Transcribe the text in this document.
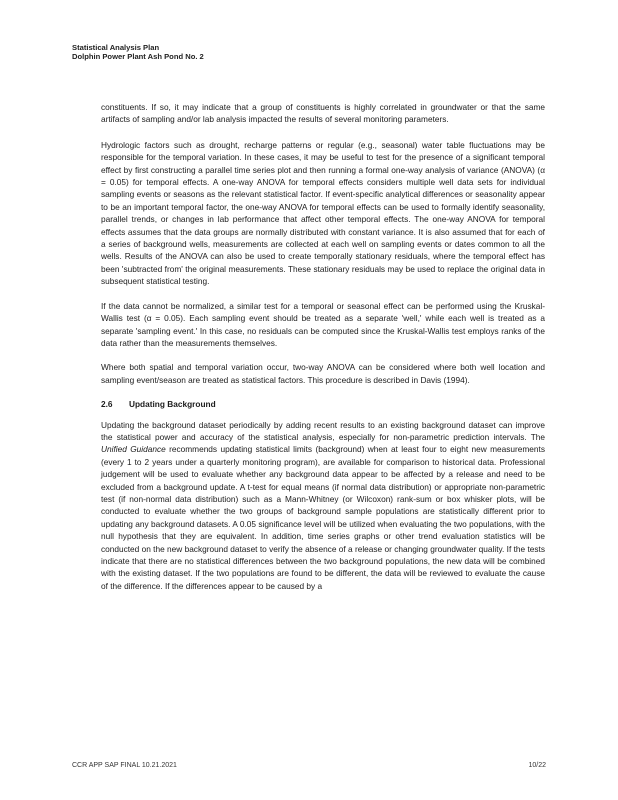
Statistical Analysis Plan
Dolphin Power Plant Ash Pond No. 2

constituents. If so, it may indicate that a group of constituents is highly correlated in groundwater or that the same artifacts of sampling and/or lab analysis impacted the results of several monitoring parameters.

Hydrologic factors such as drought, recharge patterns or regular (e.g., seasonal) water table fluctuations may be responsible for the temporal variation. In these cases, it may be useful to test for the presence of a significant temporal effect by first constructing a parallel time series plot and then running a formal one-way analysis of variance (ANOVA) (α = 0.05) for temporal effects. A one-way ANOVA for temporal effects considers multiple well data sets for individual sampling events or seasons as the relevant statistical factor. If event-specific analytical differences or seasonality appear to be an important temporal factor, the one-way ANOVA for temporal effects can be used to formally identify seasonality, parallel trends, or changes in lab performance that affect other temporal effects. The one-way ANOVA for temporal effects assumes that the data groups are normally distributed with constant variance. It is also assumed that for each of a series of background wells, measurements are collected at each well on sampling events or dates common to all the wells. Results of the ANOVA can also be used to create temporally stationary residuals, where the temporal effect has been 'subtracted from' the original measurements. These stationary residuals may be used to replace the original data in subsequent statistical testing.

If the data cannot be normalized, a similar test for a temporal or seasonal effect can be performed using the Kruskal-Wallis test (α = 0.05). Each sampling event should be treated as a separate 'well,' while each well is treated as a separate 'sampling event.' In this case, no residuals can be computed since the Kruskal-Wallis test employs ranks of the data rather than the measurements themselves.

Where both spatial and temporal variation occur, two-way ANOVA can be considered where both well location and sampling event/season are treated as statistical factors. This procedure is described in Davis (1994).

2.6	Updating Background

Updating the background dataset periodically by adding recent results to an existing background dataset can improve the statistical power and accuracy of the statistical analysis, especially for non-parametric prediction intervals. The Unified Guidance recommends updating statistical limits (background) when at least four to eight new measurements (every 1 to 2 years under a quarterly monitoring program), are available for comparison to historical data. Professional judgement will be used to evaluate whether any background data appear to be affected by a release and need to be excluded from a background update. A t-test for equal means (if normal data distribution) or appropriate non-parametric test (if non-normal data distribution) such as a Mann-Whitney (or Wilcoxon) rank-sum or box whisker plots, will be conducted to evaluate whether the two groups of background sample populations are statistically different prior to updating any background datasets. A 0.05 significance level will be utilized when evaluating the two populations, with the null hypothesis that they are equivalent. In addition, time series graphs or other trend evaluation statistics will be conducted on the new background dataset to verify the absence of a release or changing groundwater quality. If the tests indicate that there are no statistical differences between the two background populations, the new data will be combined with the existing dataset. If the two populations are found to be different, the data will be reviewed to evaluate the cause of the difference. If the differences appear to be caused by a

CCR APP SAP FINAL 10.21.2021	10/22
